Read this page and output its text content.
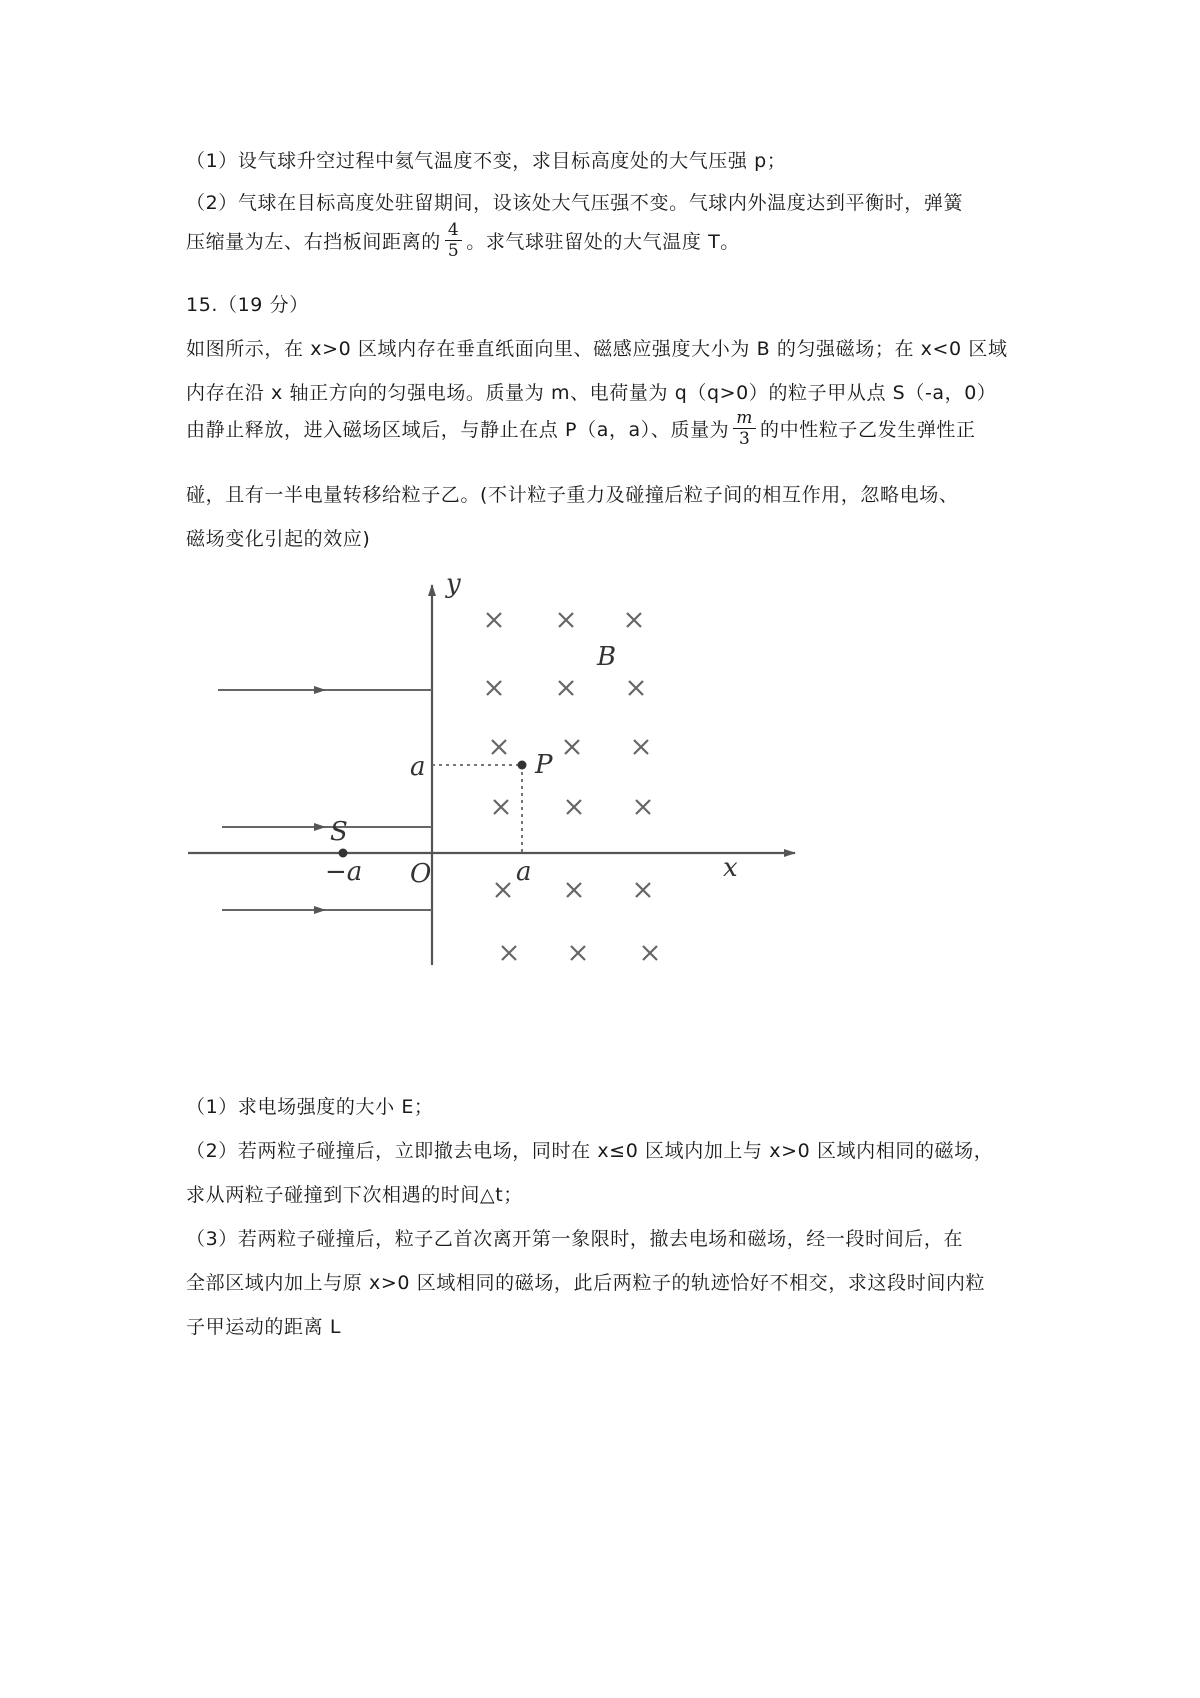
（1）设气球升空过程中氦气温度不变，求目标高度处的大气压强 p；
（2）气球在目标高度处驻留期间，设该处大气压强不变。气球内外温度达到平衡时，弹簧
压缩量为左、右挡板间距离的 $\frac{4}{5}$ 。求气球驻留处的大气温度 T。
15.（19 分）
如图所示，在 x>0 区域内存在垂直纸面向里、磁感应强度大小为 B 的匀强磁场；在 x<0 区域
内存在沿 x 轴正方向的匀强电场。质量为 m、电荷量为 q（q>0）的粒子甲从点 S（-a，0）
由静止释放，进入磁场区域后，与静止在点 P（a，a）、质量为 $\frac{m}{3}$ 的中性粒子乙发生弹性正
碰，且有一半电量转移给粒子乙。(不计粒子重力及碰撞后粒子间的相互作用，忽略电场、
磁场变化引起的效应)
y
x
B
P
S
O
a
a
−a
（1）求电场强度的大小 E；
（2）若两粒子碰撞后，立即撤去电场，同时在 x≤0 区域内加上与 x>0 区域内相同的磁场，
求从两粒子碰撞到下次相遇的时间△t；
（3）若两粒子碰撞后，粒子乙首次离开第一象限时，撤去电场和磁场，经一段时间后，在
全部区域内加上与原 x>0 区域相同的磁场，此后两粒子的轨迹恰好不相交，求这段时间内粒
子甲运动的距离 L
